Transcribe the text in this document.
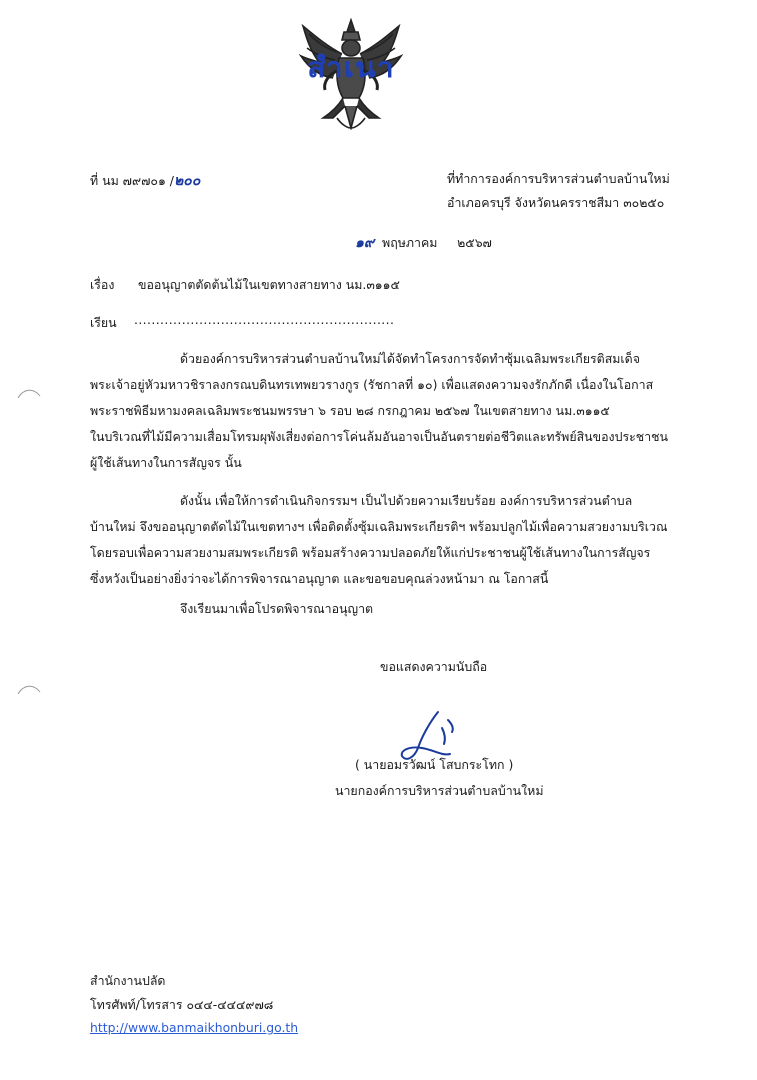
สำเนา
ที่ นม ๗๙๗๐๑ /๒๐๐	ที่ทำการองค์การบริหารส่วนตำบลบ้านใหม่
อำเภอครบุรี จังหวัดนครราชสีมา ๓๐๒๕๐
๑๙ พฤษภาคม     ๒๕๖๗
เรื่อง ขออนุญาตตัดต้นไม้ในเขตทางสายทาง นม.๓๑๑๕
เรียน ............................................................
ด้วยองค์การบริหารส่วนตำบลบ้านใหม่ได้จัดทำโครงการจัดทำซุ้มเฉลิมพระเกียรติสมเด็จ
พระเจ้าอยู่หัวมหาวชิราลงกรณบดินทรเทพยวรางกูร (รัชกาลที่ ๑๐) เพื่อแสดงความจงรักภักดี เนื่องในโอกาส
พระราชพิธีมหามงคลเฉลิมพระชนมพรรษา ๖ รอบ ๒๘ กรกฎาคม ๒๕๖๗ ในเขตสายทาง นม.๓๑๑๕
ในบริเวณที่ไม้มีความเสื่อมโทรมผุพังเสี่ยงต่อการโค่นล้มอันอาจเป็นอันตรายต่อชีวิตและทรัพย์สินของประชาชน
ผู้ใช้เส้นทางในการสัญจร นั้น
ดังนั้น เพื่อให้การดำเนินกิจกรรมฯ เป็นไปด้วยความเรียบร้อย องค์การบริหารส่วนตำบล
บ้านใหม่ จึงขออนุญาตตัดไม้ในเขตทางฯ เพื่อติดตั้งซุ้มเฉลิมพระเกียรติฯ พร้อมปลูกไม้เพื่อความสวยงามบริเวณ
โดยรอบเพื่อความสวยงามสมพระเกียรติ พร้อมสร้างความปลอดภัยให้แก่ประชาชนผู้ใช้เส้นทางในการสัญจร
ซึ่งหวังเป็นอย่างยิ่งว่าจะได้การพิจารณาอนุญาต และขอขอบคุณล่วงหน้ามา ณ โอกาสนี้
จึงเรียนมาเพื่อโปรดพิจารณาอนุญาต
ขอแสดงความนับถือ
( นายอมรวัฒน์ โสบกระโทก )
นายกองค์การบริหารส่วนตำบลบ้านใหม่
สำนักงานปลัด
โทรศัพท์/โทรสาร ๐๔๔-๔๔๔๙๗๘
http://www.banmaikhonburi.go.th
